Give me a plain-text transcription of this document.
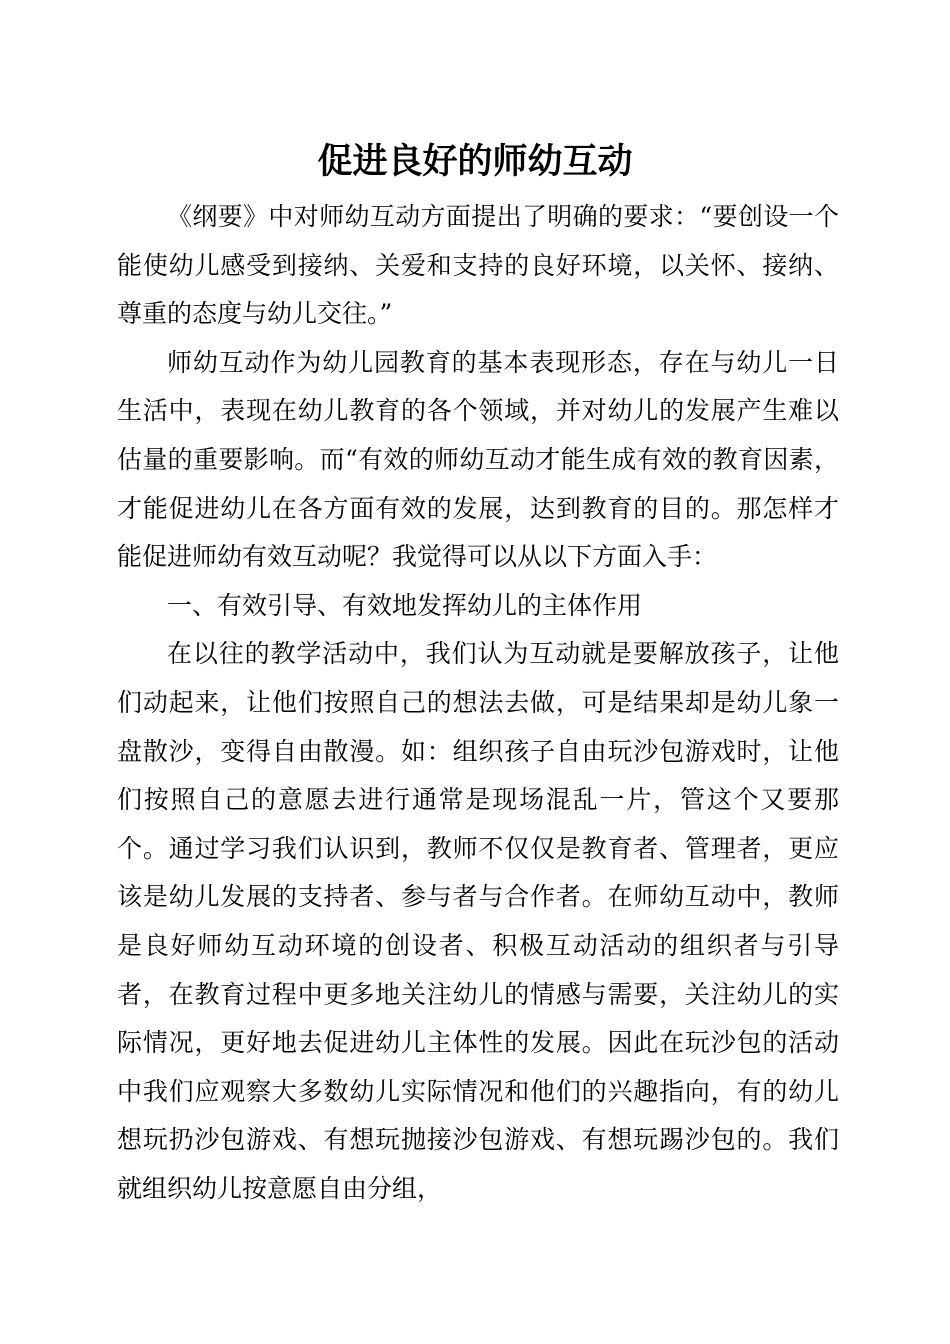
促进良好的师幼互动

《纲要》中对师幼互动方面提出了明确的要求：“要创设一个能使幼儿感受到接纳、关爱和支持的良好环境，以关怀、接纳、尊重的态度与幼儿交往。”

师幼互动作为幼儿园教育的基本表现形态，存在与幼儿一日生活中，表现在幼儿教育的各个领域，并对幼儿的发展产生难以估量的重要影响。而“有效的师幼互动才能生成有效的教育因素，才能促进幼儿在各方面有效的发展，达到教育的目的。那怎样才能促进师幼有效互动呢？我觉得可以从以下方面入手：

一、有效引导、有效地发挥幼儿的主体作用

在以往的教学活动中，我们认为互动就是要解放孩子，让他们动起来，让他们按照自己的想法去做，可是结果却是幼儿象一盘散沙，变得自由散漫。如：组织孩子自由玩沙包游戏时，让他们按照自己的意愿去进行通常是现场混乱一片，管这个又要那个。通过学习我们认识到，教师不仅仅是教育者、管理者，更应该是幼儿发展的支持者、参与者与合作者。在师幼互动中，教师是良好师幼互动环境的创设者、积极互动活动的组织者与引导者，在教育过程中更多地关注幼儿的情感与需要，关注幼儿的实际情况，更好地去促进幼儿主体性的发展。因此在玩沙包的活动中我们应观察大多数幼儿实际情况和他们的兴趣指向，有的幼儿想玩扔沙包游戏、有想玩抛接沙包游戏、有想玩踢沙包的。我们就组织幼儿按意愿自由分组，
